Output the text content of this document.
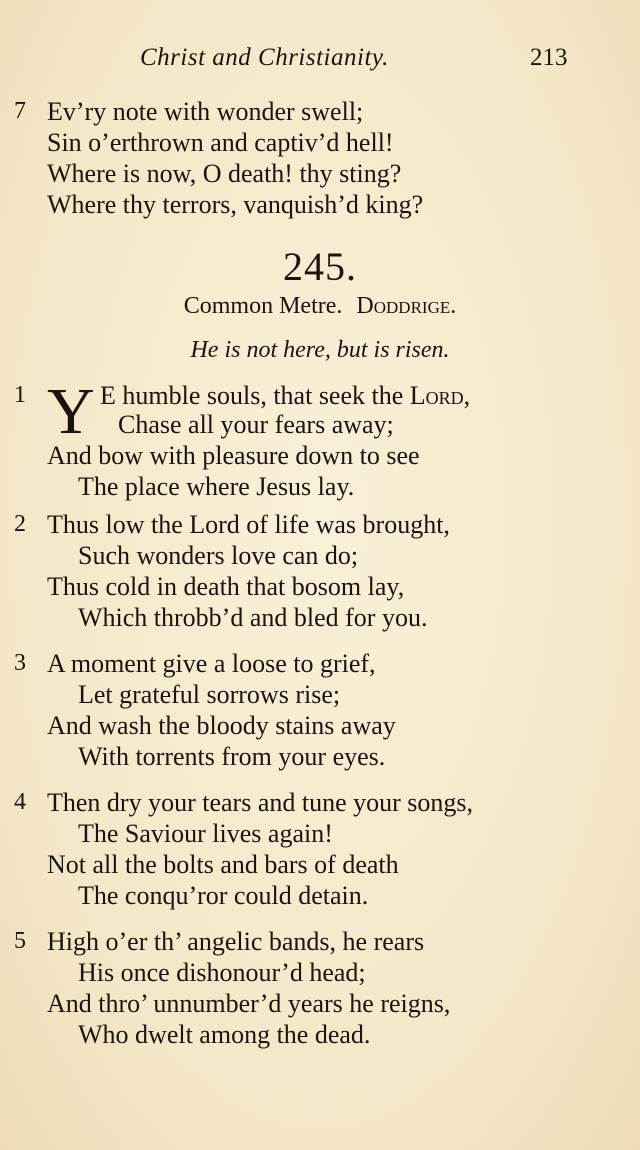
Christ and Christianity.	213
7 Ev’ry note with wonder swell;
Sin o’erthrown and captiv’d hell!
Where is now, O death! thy sting?
Where thy terrors, vanquish’d king?
245.
Common Metre. Doddrige.
He is not here, but is risen.
1 Y E humble souls, that seek the Lord,
Chase all your fears away;
And bow with pleasure down to see
The place where Jesus lay.
2 Thus low the Lord of life was brought,
Such wonders love can do;
Thus cold in death that bosom lay,
Which throbb’d and bled for you.
3 A moment give a loose to grief,
Let grateful sorrows rise;
And wash the bloody stains away
With torrents from your eyes.
4 Then dry your tears and tune your songs,
The Saviour lives again!
Not all the bolts and bars of death
The conqu’ror could detain.
5 High o’er th’ angelic bands, he rears
His once dishonour’d head;
And thro’ unnumber’d years he reigns,
Who dwelt among the dead.
